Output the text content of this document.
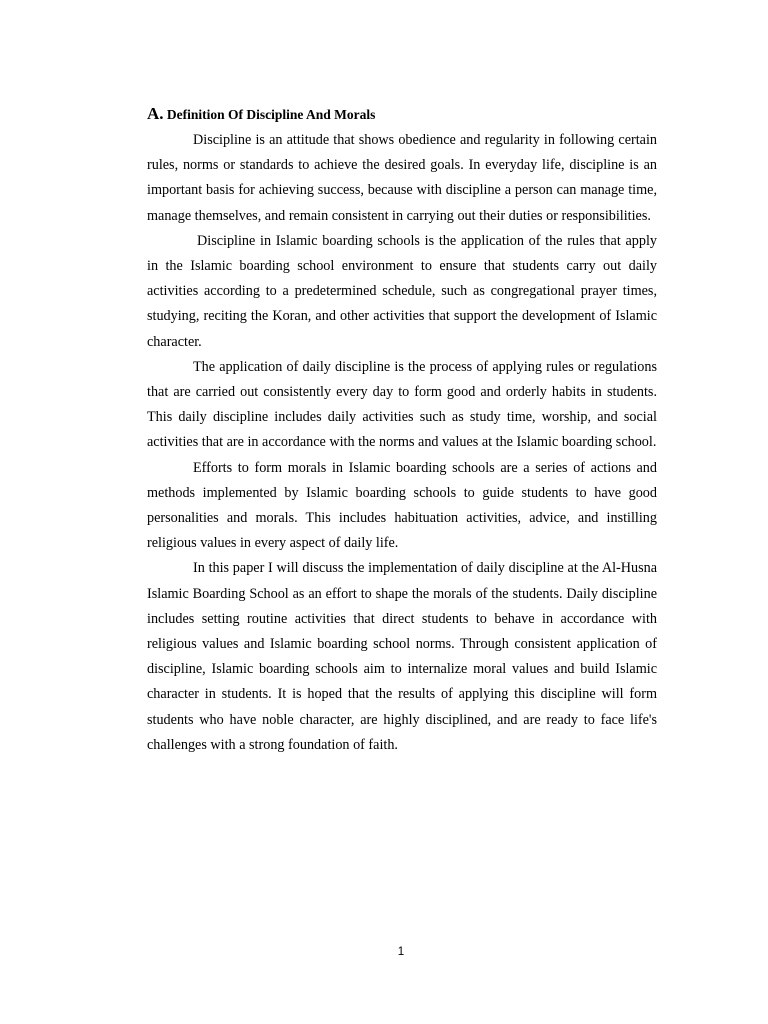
A. Definition Of Discipline And Morals

Discipline is an attitude that shows obedience and regularity in following certain rules, norms or standards to achieve the desired goals. In everyday life, discipline is an important basis for achieving success, because with discipline a person can manage time, manage themselves, and remain consistent in carrying out their duties or responsibilities.

Discipline in Islamic boarding schools is the application of the rules that apply in the Islamic boarding school environment to ensure that students carry out daily activities according to a predetermined schedule, such as congregational prayer times, studying, reciting the Koran, and other activities that support the development of Islamic character.

The application of daily discipline is the process of applying rules or regulations that are carried out consistently every day to form good and orderly habits in students. This daily discipline includes daily activities such as study time, worship, and social activities that are in accordance with the norms and values at the Islamic boarding school.

Efforts to form morals in Islamic boarding schools are a series of actions and methods implemented by Islamic boarding schools to guide students to have good personalities and morals. This includes habituation activities, advice, and instilling religious values in every aspect of daily life.

In this paper I will discuss the implementation of daily discipline at the Al-Husna Islamic Boarding School as an effort to shape the morals of the students. Daily discipline includes setting routine activities that direct students to behave in accordance with religious values and Islamic boarding school norms. Through consistent application of discipline, Islamic boarding schools aim to internalize moral values and build Islamic character in students. It is hoped that the results of applying this discipline will form students who have noble character, are highly disciplined, and are ready to face life's challenges with a strong foundation of faith.

1
